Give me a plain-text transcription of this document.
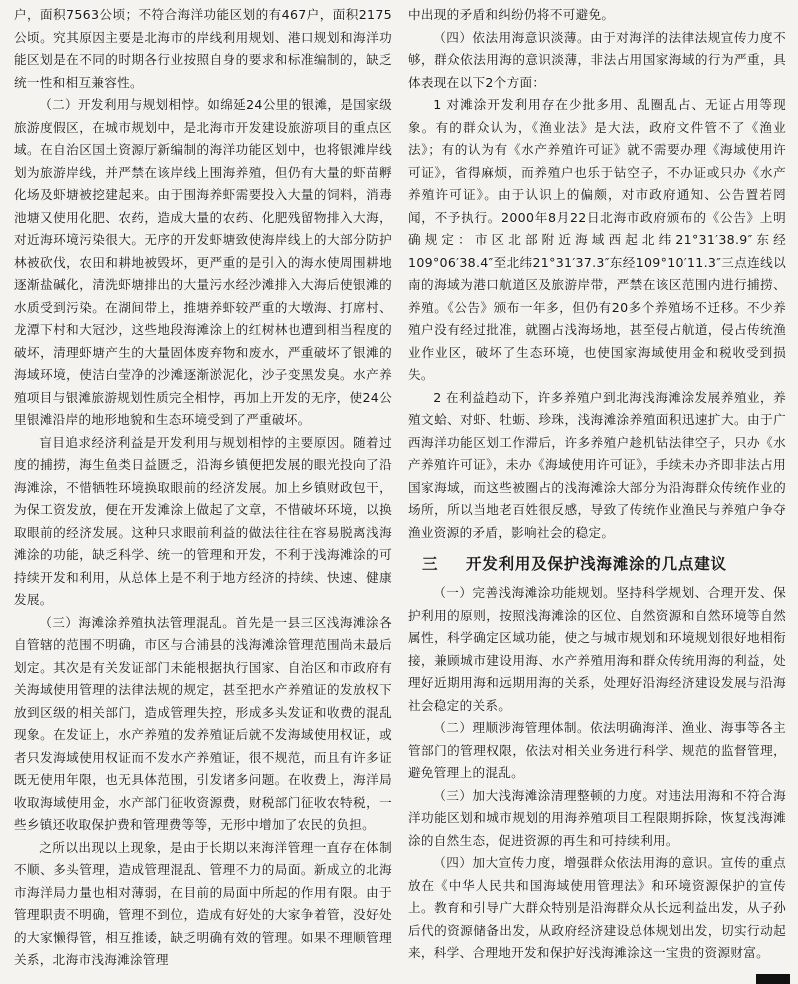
户，面积7563公顷；不符合海洋功能区划的有467户，面积2175公顷。究其原因主要是北海市的岸线利用规划、港口规划和海洋功能区划是在不同的时期各行业按照自身的要求和标准编制的，缺乏统一性和相互兼容性。

（二）开发利用与规划相悖。如绵延24公里的银滩，是国家级旅游度假区，在城市规划中，是北海市开发建设旅游项目的重点区域。在自治区国土资源厅新编制的海洋功能区划中，也将银滩岸线划为旅游岸线，并严禁在该岸线上围海养殖，但仍有大量的虾苗孵化场及虾塘被挖建起来。由于围海养虾需要投入大量的饲料，消毒池塘又使用化肥、农药，造成大量的农药、化肥残留物排入大海，对近海环境污染很大。无序的开发虾塘致使海岸线上的大部分防护林被砍伐，农田和耕地被毁坏，更严重的是引入的海水使周围耕地逐渐盐碱化，清洗虾塘排出的大量污水经沙滩排入大海后使银滩的水质受到污染。在湖间带上，推塘养虾较严重的大墩海、打席村、龙潭下村和大冠沙，这些地段海滩涂上的红树林也遭到相当程度的破坏，清理虾塘产生的大量固体废弃物和废水，严重破坏了银滩的海域环境，使洁白莹净的沙滩逐渐淤泥化，沙子变黑发臭。水产养殖项目与银滩旅游规划性质完全相悖，再加上开发的无序，使24公里银滩沿岸的地形地貌和生态环境受到了严重破坏。

盲目追求经济利益是开发利用与规划相悖的主要原因。随着过度的捕捞，海生鱼类日益匮乏，沿海乡镇便把发展的眼光投向了沿海滩涂，不惜牺牲环境换取眼前的经济发展。加上乡镇财政包干，为保工资发放，便在开发滩涂上做起了文章，不惜破坏环境，以换取眼前的经济发展。这种只求眼前利益的做法往往在容易脱离浅海滩涂的功能，缺乏科学、统一的管理和开发，不利于浅海滩涂的可持续开发和利用，从总体上是不利于地方经济的持续、快速、健康发展。

（三）海滩涂养殖执法管理混乱。首先是一县三区浅海滩涂各自管辖的范围不明确，市区与合浦县的浅海滩涂管理范围尚未最后划定。其次是有关发证部门未能根据执行国家、自治区和市政府有关海域使用管理的法律法规的规定，甚至把水产养殖证的发放权下放到区级的相关部门，造成管理失控，形成多头发证和收费的混乱现象。在发证上，水产养殖的发养殖证后就不发海域使用权证，或者只发海域使用权证而不发水产养殖证，很不规范，而且有许多证既无使用年限，也无具体范围，引发诸多问题。在收费上，海洋局收取海域使用金，水产部门征收资源费，财税部门征收农特税，一些乡镇还收取保护费和管理费等等，无形中增加了农民的负担。

之所以出现以上现象，是由于长期以来海洋管理一直存在体制不顺、多头管理，造成管理混乱、管理不力的局面。新成立的北海市海洋局力量也相对薄弱，在目前的局面中所起的作用有限。由于管理职责不明确，管理不到位，造成有好处的大家争着管，没好处的大家懒得管，相互推诿，缺乏明确有效的管理。如果不理顺管理关系，北海市浅海滩涂管理

中出现的矛盾和纠纷仍将不可避免。

（四）依法用海意识淡薄。由于对海洋的法律法规宣传力度不够，群众依法用海的意识淡薄，非法占用国家海域的行为严重，具体表现在以下2个方面：

1 对滩涂开发利用存在少批多用、乱圈乱占、无证占用等现象。有的群众认为，《渔业法》是大法，政府文件管不了《渔业法》；有的认为有《水产养殖许可证》就不需要办理《海域使用许可证》，省得麻烦，而养殖户也乐于钻空子，不办证或只办《水产养殖许可证》。由于认识上的偏颇，对市政府通知、公告置若罔闻，不予执行。2000年8月22日北海市政府颁布的《公告》上明确规定：市区北部附近海域西起北纬21°31′38.9″东经109°06′38.4″至北纬21°31′37.3″东经109°10′11.3″三点连线以南的海域为港口航道区及旅游岸带，严禁在该区范围内进行捕捞、养殖。《公告》颁布一年多，但仍有20多个养殖场不迁移。不少养殖户没有经过批准，就圈占浅海场地，甚至侵占航道，侵占传统渔业作业区，破坏了生态环境，也使国家海域使用金和税收受到损失。

2 在利益趋动下，许多养殖户到北海浅海滩涂发展养殖业，养殖文蛤、对虾、牡蛎、珍珠，浅海滩涂养殖面积迅速扩大。由于广西海洋功能区划工作滞后，许多养殖户趁机钻法律空子，只办《水产养殖许可证》，未办《海域使用许可证》，手续未办齐即非法占用国家海域，而这些被圈占的浅海滩涂大部分为沿海群众传统作业的场所，所以当地老百姓很反感，导致了传统作业渔民与养殖户争夺渔业资源的矛盾，影响社会的稳定。

三 开发利用及保护浅海滩涂的几点建议

（一）完善浅海滩涂功能规划。坚持科学规划、合理开发、保护利用的原则，按照浅海滩涂的区位、自然资源和自然环境等自然属性，科学确定区域功能，使之与城市规划和环境规划很好地相衔接，兼顾城市建设用海、水产养殖用海和群众传统用海的利益，处理好近期用海和远期用海的关系，处理好沿海经济建设发展与沿海社会稳定的关系。

（二）理顺涉海管理体制。依法明确海洋、渔业、海事等各主管部门的管理权限，依法对相关业务进行科学、规范的监督管理，避免管理上的混乱。

（三）加大浅海滩涂清理整顿的力度。对违法用海和不符合海洋功能区划和城市规划的用海养殖项目工程限期拆除，恢复浅海滩涂的自然生态，促进资源的再生和可持续利用。

（四）加大宣传力度，增强群众依法用海的意识。宣传的重点放在《中华人民共和国海域使用管理法》和环境资源保护的宣传上。教育和引导广大群众特别是沿海群众从长远利益出发，从子孙后代的资源储备出发，从政府经济建设总体规划出发，切实行动起来，科学、合理地开发和保护好浅海滩涂这一宝贵的资源财富。
